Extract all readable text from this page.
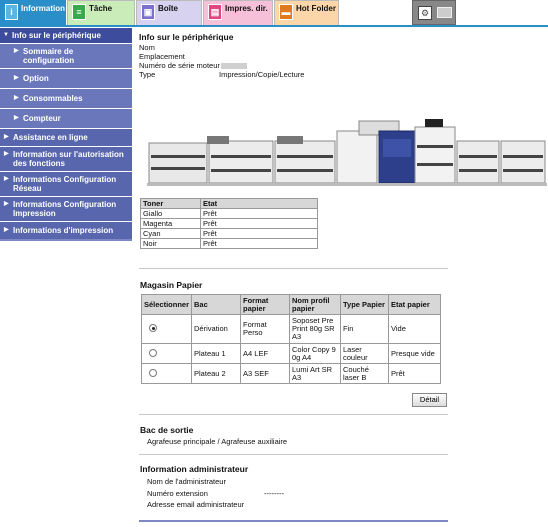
i	Information	≡ Tâche	▣ Boîte	▤ Impres. dir. ▬ Hot Folder	⚙
▼ Info sur le périphérique
▶ Sommaire de configuration
▶ Option
▶ Consommables
▶ Compteur
▶ Assistance en ligne
▶ Information sur l'autorisation des fonctions
▶ Informations Configuration Réseau
▶ Informations Configuration Impression
▶ Informations d'impression
Info sur le périphérique
Nom
Emplacement
Numéro de série moteur
Type	Impression/Copie/Lecture
Toner	Etat
Giallo	Prêt
Magenta	Prêt
Cyan	Prêt
Noir	Prêt
Magasin Papier
Sélectionner	Bac	Format papier	Nom profil papier	Type Papier	Etat papier
	Dérivation	Format Perso	Soposet Pre Print 80g SR A3	Fin	Vide
	Plateau 1	A4 LEF	Color Copy 9 0g A4	Laser couleur	Presque vide
	Plateau 2	A3 SEF	Lumi Art SR A3	Couché laser B	Prêt
Détail
Bac de sortie
Agrafeuse principale / Agrafeuse auxiliaire
Information administrateur
Nom de l'administrateur
Numéro extension	--------
Adresse email administrateur
